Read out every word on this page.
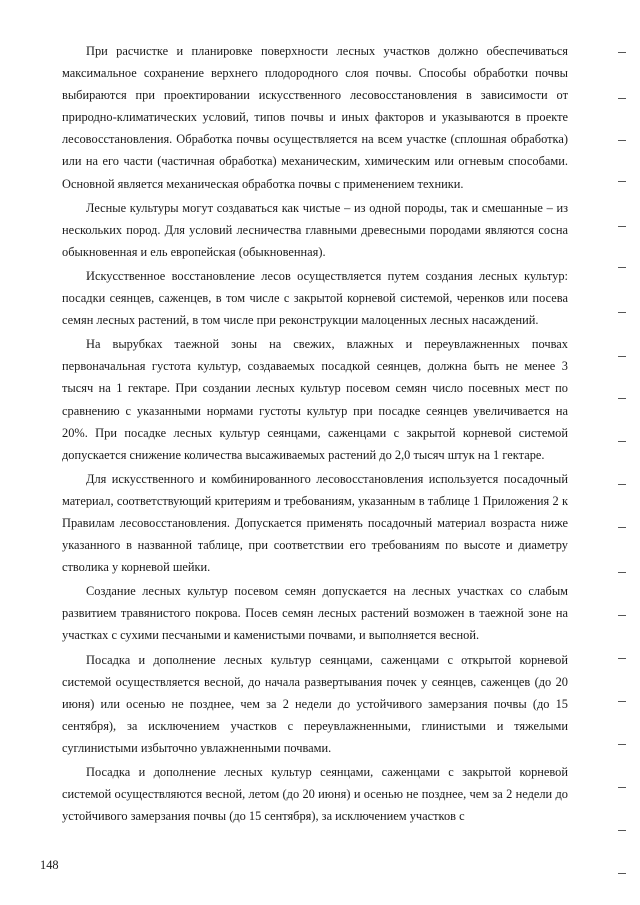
При расчистке и планировке поверхности лесных участков должно обеспечиваться максимальное сохранение верхнего плодородного слоя почвы. Способы обработки почвы выбираются при проектировании искусственного лесовосстановления в зависимости от природно-климатических условий, типов почвы и иных факторов и указываются в проекте лесовосстановления. Обработка почвы осуществляется на всем участке (сплошная обработка) или на его части (частичная обработка) механическим, химическим или огневым способами. Основной является механическая обработка почвы с применением техники.

Лесные культуры могут создаваться как чистые – из одной породы, так и смешанные – из нескольких пород. Для условий лесничества главными древесными породами являются сосна обыкновенная и ель европейская (обыкновенная).

Искусственное восстановление лесов осуществляется путем создания лесных культур: посадки сеянцев, саженцев, в том числе с закрытой корневой системой, черенков или посева семян лесных растений, в том числе при реконструкции малоценных лесных насаждений.

На вырубках таежной зоны на свежих, влажных и переувлажненных почвах первоначальная густота культур, создаваемых посадкой сеянцев, должна быть не менее 3 тысяч на 1 гектаре. При создании лесных культур посевом семян число посевных мест по сравнению с указанными нормами густоты культур при посадке сеянцев увеличивается на 20%. При посадке лесных культур сеянцами, саженцами с закрытой корневой системой допускается снижение количества высаживаемых растений до 2,0 тысяч штук на 1 гектаре.

Для искусственного и комбинированного лесовосстановления используется посадочный материал, соответствующий критериям и требованиям, указанным в таблице 1 Приложения 2 к Правилам лесовосстановления. Допускается применять посадочный материал возраста ниже указанного в названной таблице, при соответствии его требованиям по высоте и диаметру стволика у корневой шейки.

Создание лесных культур посевом семян допускается на лесных участках со слабым развитием травянистого покрова. Посев семян лесных растений возможен в таежной зоне на участках с сухими песчаными и каменистыми почвами, и выполняется весной.

Посадка и дополнение лесных культур сеянцами, саженцами с открытой корневой системой осуществляется весной, до начала развертывания почек у сеянцев, саженцев (до 20 июня) или осенью не позднее, чем за 2 недели до устойчивого замерзания почвы (до 15 сентября), за исключением участков с переувлажненными, глинистыми и тяжелыми суглинистыми избыточно увлажненными почвами.

Посадка и дополнение лесных культур сеянцами, саженцами с закрытой корневой системой осуществляются весной, летом (до 20 июня) и осенью не позднее, чем за 2 недели до устойчивого замерзания почвы (до 15 сентября), за исключением участков с

148
